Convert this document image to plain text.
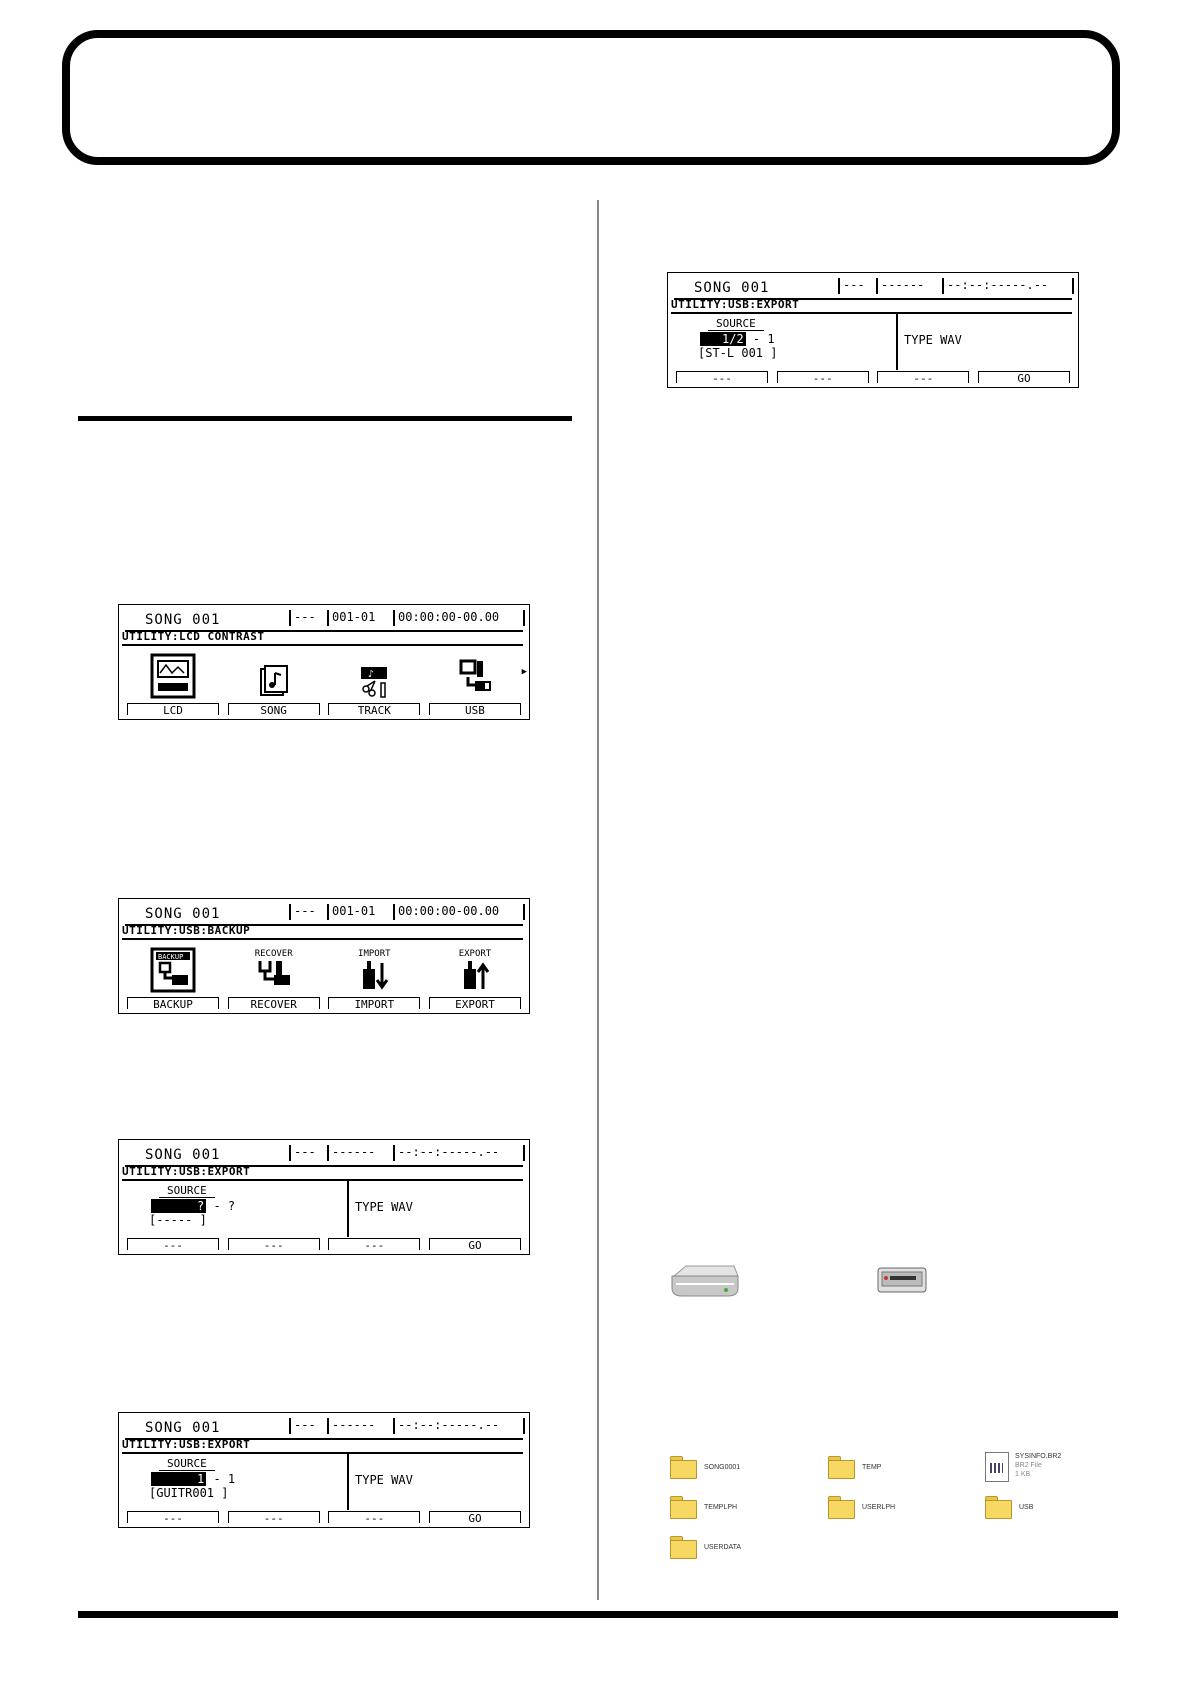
SONG 001	---	001-01	00:00:00-00.00
UTILITY:LCD CONTRAST
♪	▶
LCD	SONG	TRACK	USB
SONG 001	---	001-01	00:00:00-00.00
UTILITY:USB:BACKUP
BACKUP	RECOVER	IMPORT	EXPORT
BACKUP	RECOVER	IMPORT	EXPORT
SONG 001	---	------	--:--:-----.--
UTILITY:USB:EXPORT
SOURCE
? - ?
[----- ]
TYPE WAV
---	---	---	GO
SONG 001	---	------	--:--:-----.--
UTILITY:USB:EXPORT
SOURCE
1 - 1
[GUITR001 ]
TYPE WAV
---	---	---	GO
SONG 001	---	------	--:--:-----.--
UTILITY:USB:EXPORT
SOURCE
1/2 - 1
[ST-L 001 ]
TYPE WAV
---	---	---	GO
SONG0001	TEMP
SYSINFO.BR2
BR2 File
1 KB
TEMPLPH	USERLPH	USB
USERDATA
